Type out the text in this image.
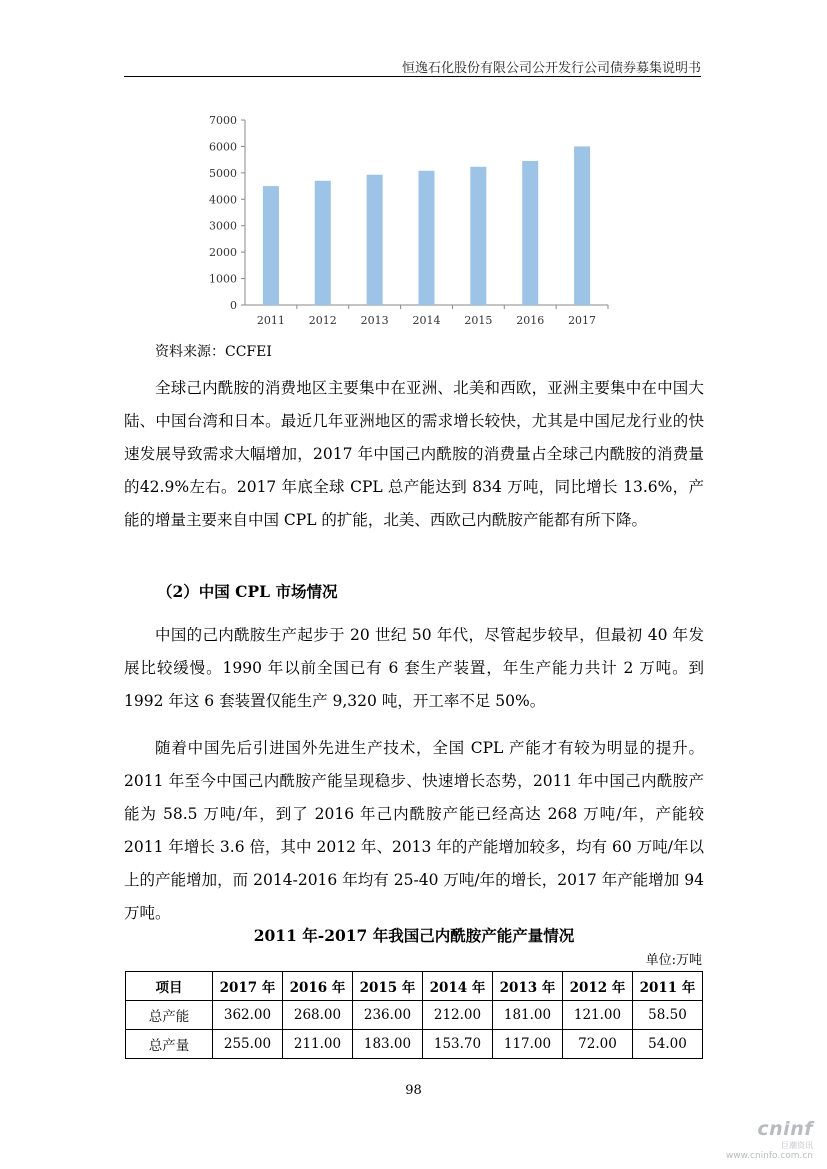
恒逸石化股份有限公司公开发行公司债券募集说明书
0
1000
2000
3000
4000
5000
6000
7000
2011 2012 2013 2014 2015 2016 2017
资料来源：CCFEI

全球己内酰胺的消费地区主要集中在亚洲、北美和西欧，亚洲主要集中在中国大陆、中国台湾和日本。最近几年亚洲地区的需求增长较快，尤其是中国尼龙行业的快速发展导致需求大幅增加，2017 年中国己内酰胺的消费量占全球己内酰胺的消费量的42.9%左右。2017 年底全球 CPL 总产能达到 834 万吨，同比增长 13.6%，产能的增量主要来自中国 CPL 的扩能，北美、西欧己内酰胺产能都有所下降。

（2）中国 CPL 市场情况

中国的己内酰胺生产起步于 20 世纪 50 年代，尽管起步较早，但最初 40 年发展比较缓慢。1990 年以前全国已有 6 套生产装置，年生产能力共计 2 万吨。到 1992 年这 6 套装置仅能生产 9,320 吨，开工率不足 50%。

随着中国先后引进国外先进生产技术，全国 CPL 产能才有较为明显的提升。2011 年至今中国己内酰胺产能呈现稳步、快速增长态势，2011 年中国己内酰胺产能为 58.5 万吨/年，到了 2016 年己内酰胺产能已经高达 268 万吨/年，产能较 2011 年增长 3.6 倍，其中 2012 年、2013 年的产能增加较多，均有 60 万吨/年以上的产能增加，而 2014-2016 年均有 25-40 万吨/年的增长，2017 年产能增加 94 万吨。

2011 年-2017 年我国己内酰胺产能产量情况
单位:万吨
项目	2017 年	2016 年	2015 年	2014 年	2013 年	2012 年	2011 年
总产能	362.00	268.00	236.00	212.00	181.00	121.00	58.50
总产量	255.00	211.00	183.00	153.70	117.00	72.00	54.00
98
cninf
巨潮资讯
www.cninfo.com.cn
